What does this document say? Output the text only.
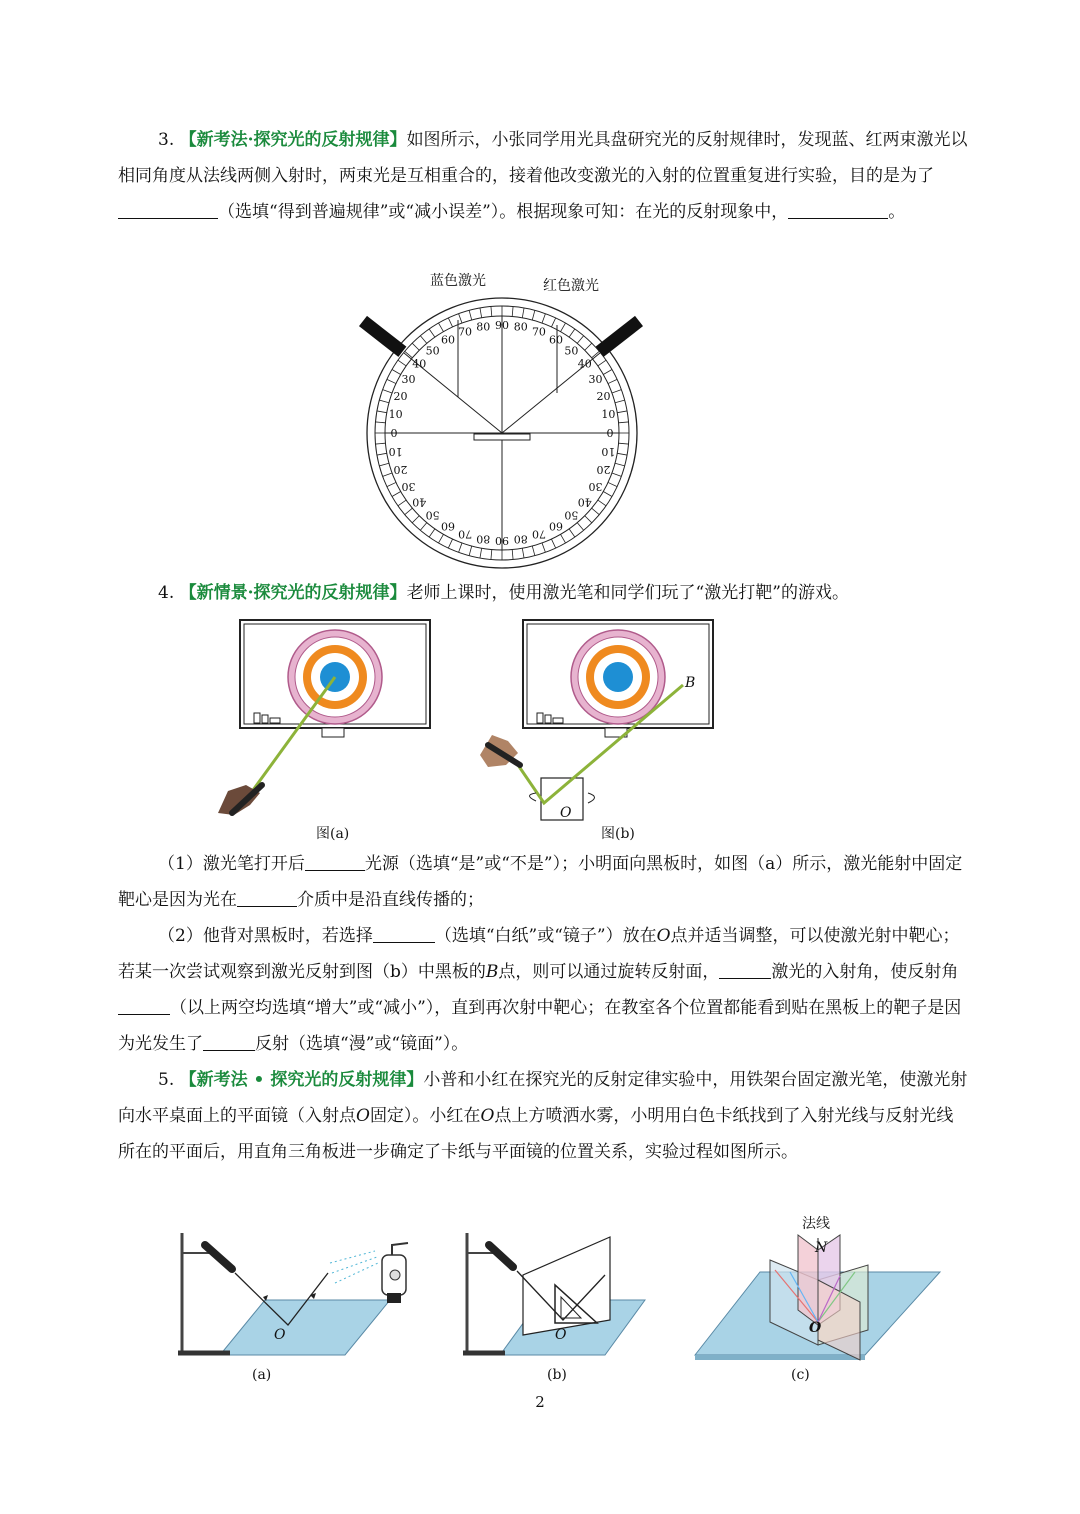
3. 【新考法·探究光的反射规律】如图所示，小张同学用光具盘研究光的反射规律时，发现蓝、红两束激光以相同角度从法线两侧入射时，两束光是互相重合的，接着他改变激光的入射的位置重复进行实验，目的是为了（选填“得到普遍规律”或“减小误差”）。根据现象可知：在光的反射现象中，	。
蓝色激光	红色激光
90
80
70
60
50
40
30
20
10
0
10
20
30
40
50
60
70 80 90 80 70
60
50
40
30
20
10
0
10
20
30
40
50
60
70
80
4. 【新情景·探究光的反射规律】老师上课时，使用激光笔和同学们玩了“激光打靶”的游戏。
图(a)
B
O
图(b)
（1）激光笔打开后	光源（选填“是”或“不是”）；小明面向黑板时，如图（a）所示，激光能射中固定靶心是因为光在	介质中是沿直线传播的；
（2）他背对黑板时，若选择	（选填“白纸”或“镜子”）放在O点并适当调整，可以使激光射中靶心；若某一次尝试观察到激光反射到图（b）中黑板的B点，则可以通过旋转反射面，	激光的入射角，使反射角（以上两空均选填“增大”或“减小”），直到再次射中靶心；在教室各个位置都能看到贴在黑板上的靶子是因为光发生了	反射（选填“漫”或“镜面”）。
5. 【新考法 • 探究光的反射规律】小普和小红在探究光的反射定律实验中，用铁架台固定激光笔，使激光射向水平桌面上的平面镜（入射点O固定）。小红在O点上方喷洒水雾，小明用白色卡纸找到了入射光线与反射光线所在的平面后，用直角三角板进一步确定了卡纸与平面镜的位置关系，实验过程如图所示。
O
(a)
O
(b)
法线
N
O
(c)
2
